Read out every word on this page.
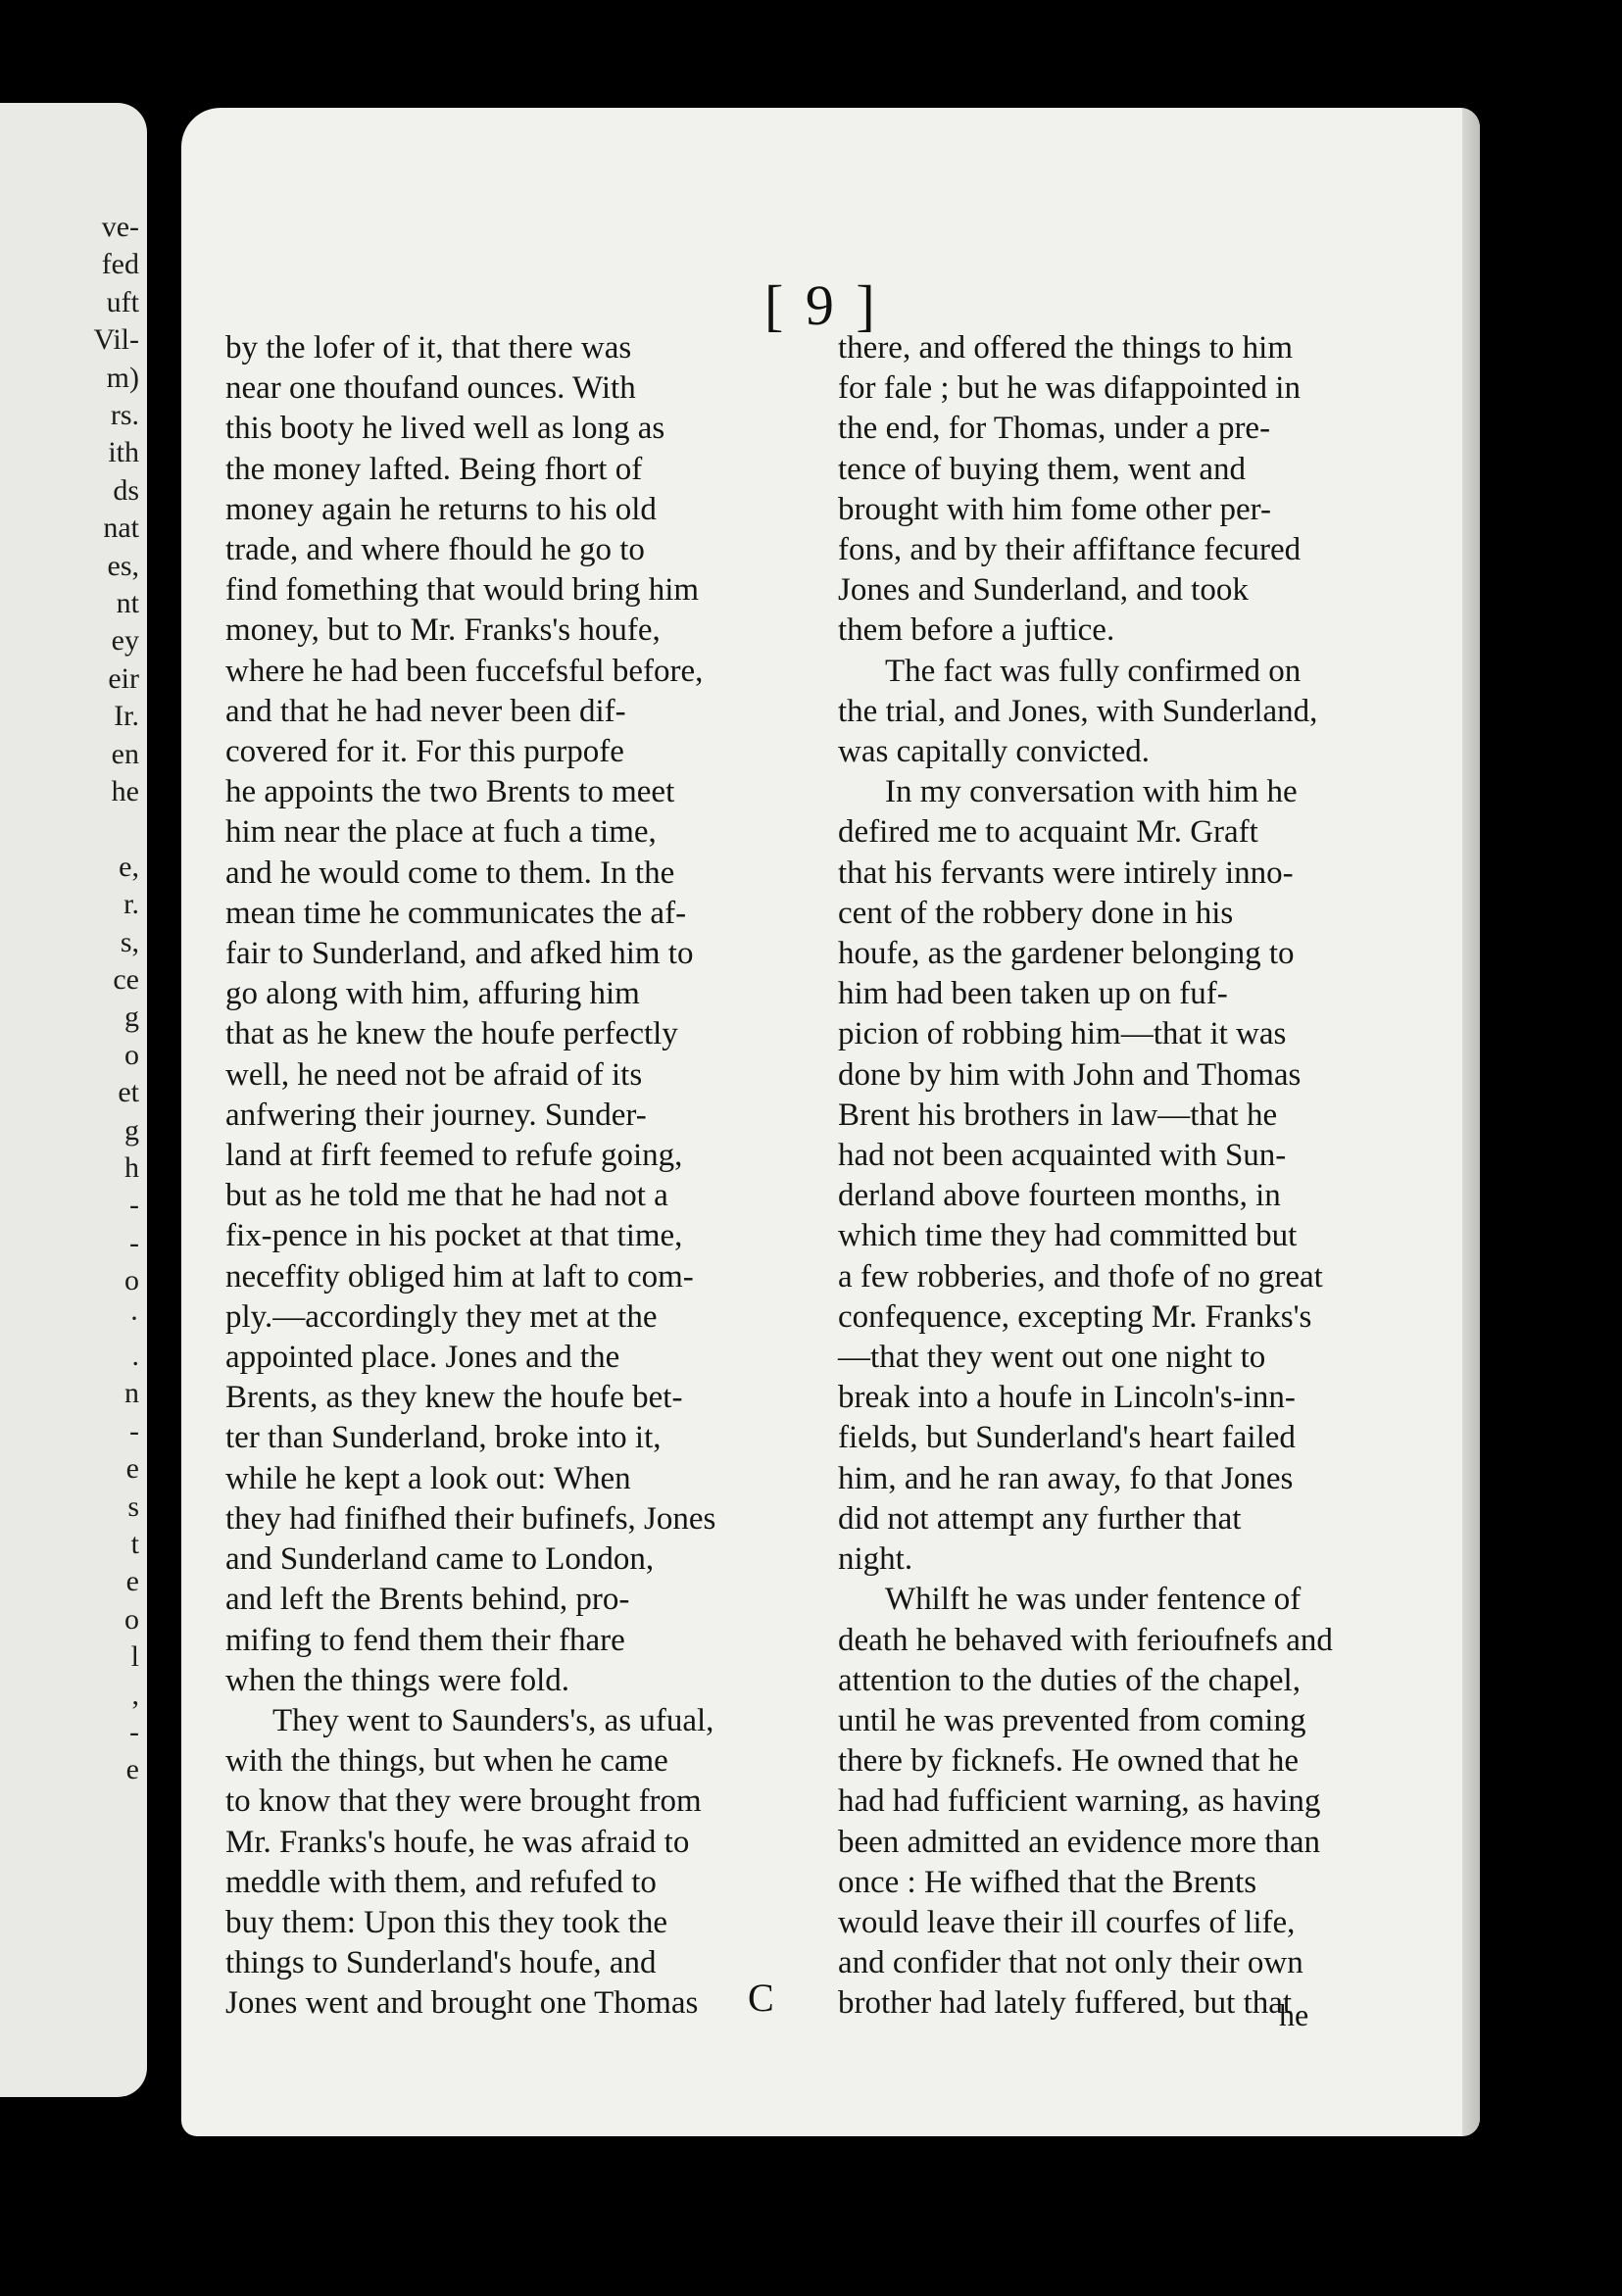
ve-
fed
uft
Vil-
m)
rs.
ith
ds
nat
es,
nt
ey
eir
Ir.
en
he
e,
r.
s,
ce
g
o
et
g
h
-
-
o
·
.
n
-
e
s
t
e
o
l
,
-
e
[ 9 ]
by the lofer of it, that there was
near one thoufand ounces. With
this booty he lived well as long as
the money lafted. Being fhort of
money again he returns to his old
trade, and where fhould he go to
find fomething that would bring him
money, but to Mr. Franks's houfe,
where he had been fuccefsful before,
and that he had never been dif-
covered for it. For this purpofe
he appoints the two Brents to meet
him near the place at fuch a time,
and he would come to them. In the
mean time he communicates the af-
fair to Sunderland, and afked him to
go along with him, affuring him
that as he knew the houfe perfectly
well, he need not be afraid of its
anfwering their journey. Sunder-
land at firft feemed to refufe going,
but as he told me that he had not a
fix-pence in his pocket at that time,
neceffity obliged him at laft to com-
ply.—accordingly they met at the
appointed place. Jones and the
Brents, as they knew the houfe bet-
ter than Sunderland, broke into it,
while he kept a look out: When
they had finifhed their bufinefs, Jones
and Sunderland came to London,
and left the Brents behind, pro-
mifing to fend them their fhare
when the things were fold.
They went to Saunders's, as ufual,
with the things, but when he came
to know that they were brought from
Mr. Franks's houfe, he was afraid to
meddle with them, and refufed to
buy them: Upon this they took the
things to Sunderland's houfe, and
Jones went and brought one Thomas
there, and offered the things to him
for fale ; but he was difappointed in
the end, for Thomas, under a pre-
tence of buying them, went and
brought with him fome other per-
fons, and by their affiftance fecured
Jones and Sunderland, and took
them before a juftice.
The fact was fully confirmed on
the trial, and Jones, with Sunderland,
was capitally convicted.
In my conversation with him he
defired me to acquaint Mr. Graft
that his fervants were intirely inno-
cent of the robbery done in his
houfe, as the gardener belonging to
him had been taken up on fuf-
picion of robbing him—that it was
done by him with John and Thomas
Brent his brothers in law—that he
had not been acquainted with Sun-
derland above fourteen months, in
which time they had committed but
a few robberies, and thofe of no great
confequence, excepting Mr. Franks's
—that they went out one night to
break into a houfe in Lincoln's-inn-
fields, but Sunderland's heart failed
him, and he ran away, fo that Jones
did not attempt any further that
night.
Whilft he was under fentence of
death he behaved with ferioufnefs and
attention to the duties of the chapel,
until he was prevented from coming
there by ficknefs. He owned that he
had had fufficient warning, as having
been admitted an evidence more than
once : He wifhed that the Brents
would leave their ill courfes of life,
and confider that not only their own
brother had lately fuffered, but that
C	he
